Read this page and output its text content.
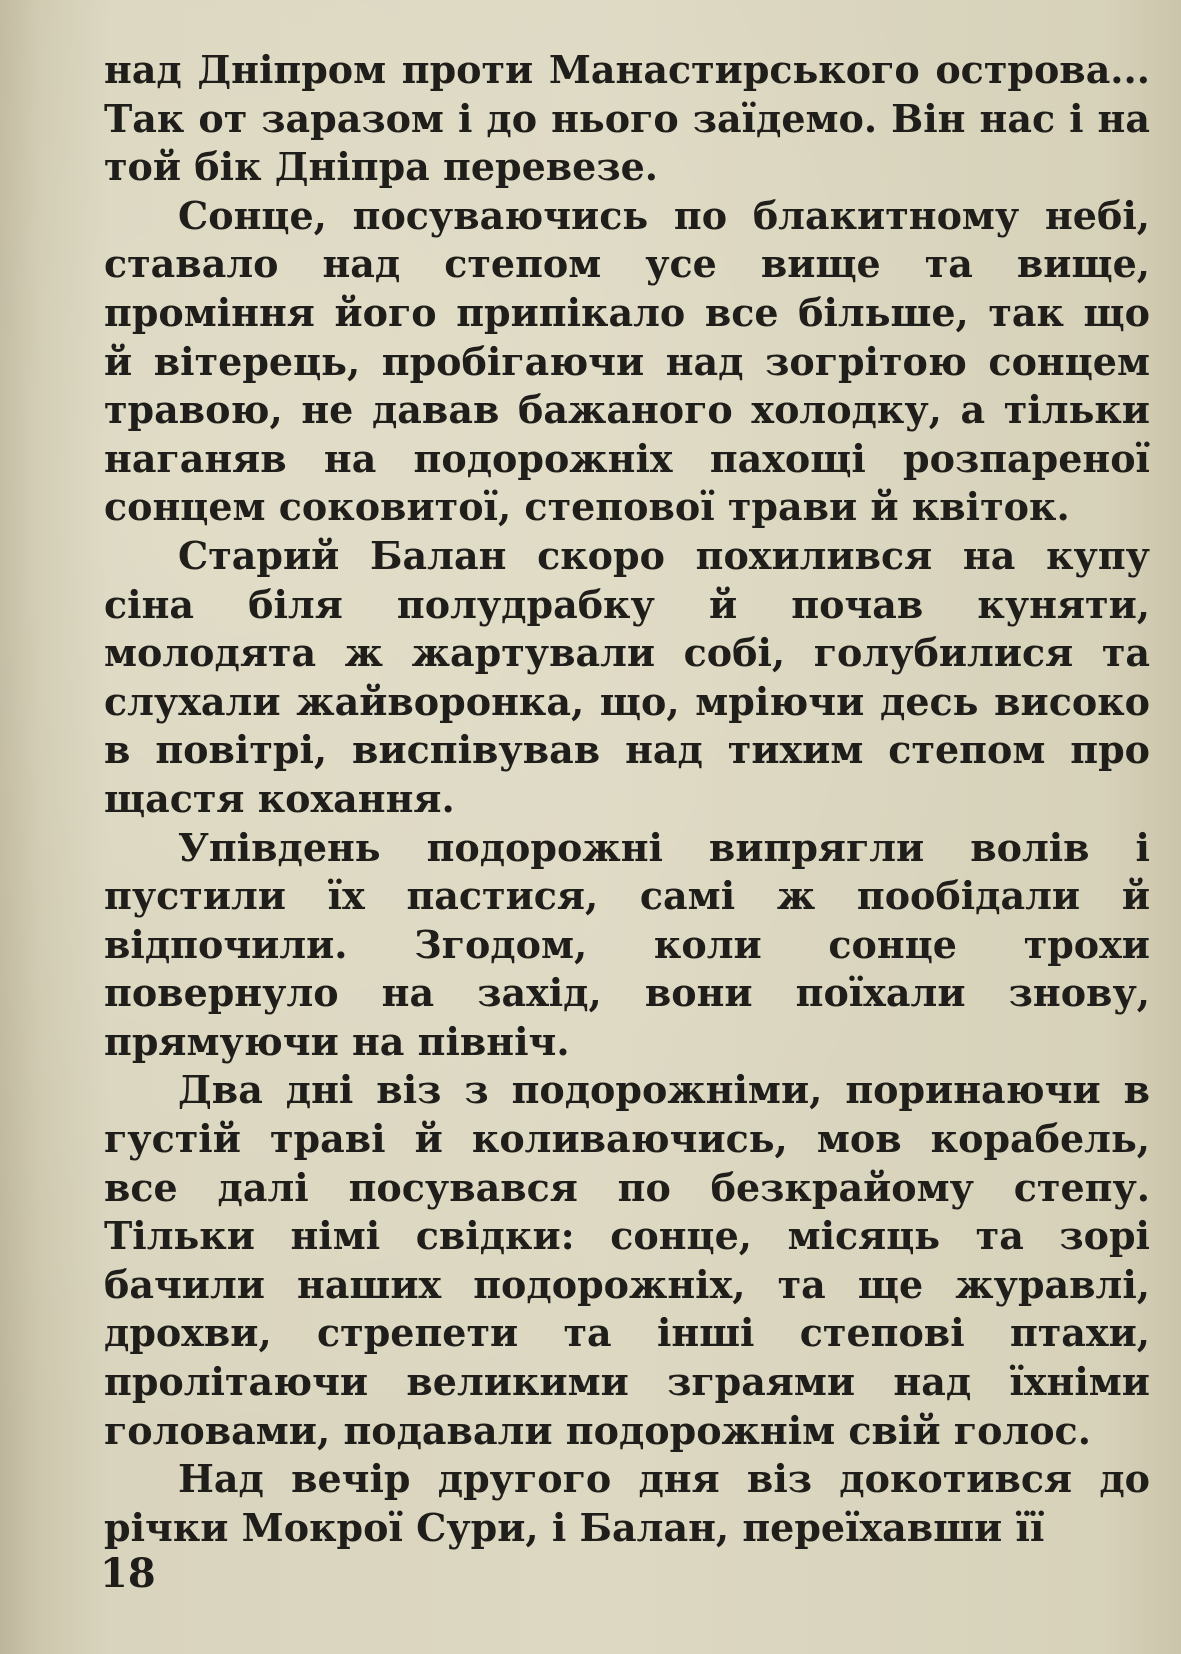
над Дніпром проти Манастирського острова... Так от заразом і до нього заїдемо. Він нас і на той бік Дніпра перевезе.

Сонце, посуваючись по блакитному небі, ставало над степом усе вище та вище, проміння його припікало все більше, так що й вітерець, пробігаючи над зогрітою сонцем травою, не давав бажаного холодку, а тільки наганяв на подорожніх пахощі розпареної сонцем соковитої, степової трави й квіток.

Старий Балан скоро похилився на купу сіна біля полудрабку й почав куняти, молодята ж жартували собі, голубилися та слухали жайворонка, що, мріючи десь високо в повітрі, виспівував над тихим степом про щастя кохання.

Упівдень подорожні випрягли волів і пустили їх пастися, самі ж пообідали й відпочили. Згодом, коли сонце трохи повернуло на захід, вони поїхали знову, прямуючи на північ.

Два дні віз з подорожніми, поринаючи в густій траві й коливаючись, мов корабель, все далі посувався по безкрайому степу. Тільки німі свідки: сонце, місяць та зорі бачили наших подорожніх, та ще журавлі, дрохви, стрепети та інші степові птахи, пролітаючи великими зграями над їхніми головами, подавали подорожнім свій голос.

Над вечір другого дня віз докотився до річки Мокрої Сури, і Балан, переїхавши її

18
